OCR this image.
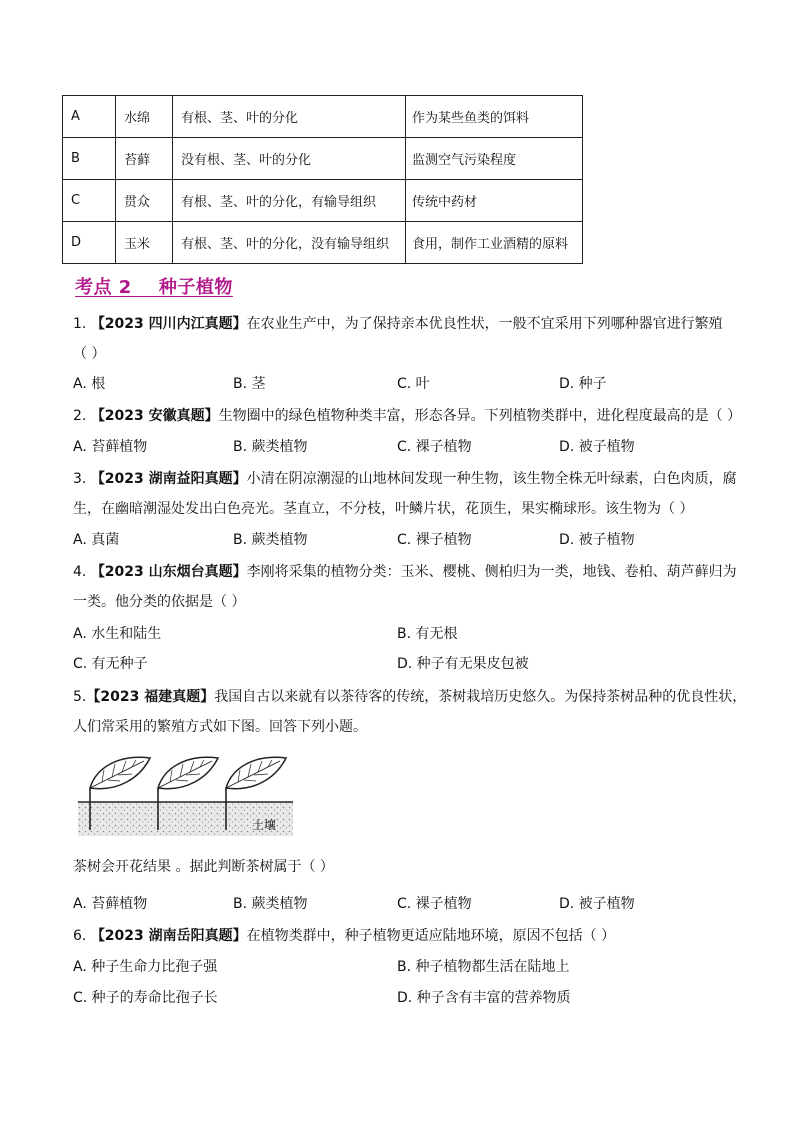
A	水绵	有根、茎、叶的分化	作为某些鱼类的饵料
B	苔藓	没有根、茎、叶的分化	监测空气污染程度
C	贯众	有根、茎、叶的分化，有输导组织	传统中药材
D	玉米	有根、茎、叶的分化，没有输导组织	食用，制作工业酒精的原料
考点 2    种子植物
1. 【2023 四川内江真题】在农业生产中，为了保持亲本优良性状，一般不宜采用下列哪种器官进行繁殖
（ ）
A. 根	B. 茎	C. 叶	D. 种子
2. 【2023 安徽真题】生物圈中的绿色植物种类丰富，形态各异。下列植物类群中，进化程度最高的是（ ）
A. 苔藓植物	B. 蕨类植物	C. 裸子植物	D. 被子植物
3. 【2023 湖南益阳真题】小清在阴凉潮湿的山地林间发现一种生物，该生物全株无叶绿素，白色肉质，腐
生，在幽暗潮湿处发出白色亮光。茎直立，不分枝，叶鳞片状，花顶生，果实椭球形。该生物为（ ）
A. 真菌	B. 蕨类植物	C. 裸子植物	D. 被子植物
4. 【2023 山东烟台真题】李刚将采集的植物分类：玉米、樱桃、侧柏归为一类，地钱、卷柏、葫芦藓归为
一类。他分类的依据是（ ）
A. 水生和陆生	B. 有无根
C. 有无种子	D. 种子有无果皮包被
5.【2023 福建真题】我国自古以来就有以茶待客的传统，茶树栽培历史悠久。为保持茶树品种的优良性状，
人们常采用的繁殖方式如下图。回答下列小题。
土壤
茶树会开花结果 。据此判断茶树属于（ ）
A. 苔藓植物	B. 蕨类植物	C. 裸子植物	D. 被子植物
6. 【2023 湖南岳阳真题】在植物类群中，种子植物更适应陆地环境，原因不包括（ ）
A. 种子生命力比孢子强	B. 种子植物都生活在陆地上
C. 种子的寿命比孢子长	D. 种子含有丰富的营养物质
